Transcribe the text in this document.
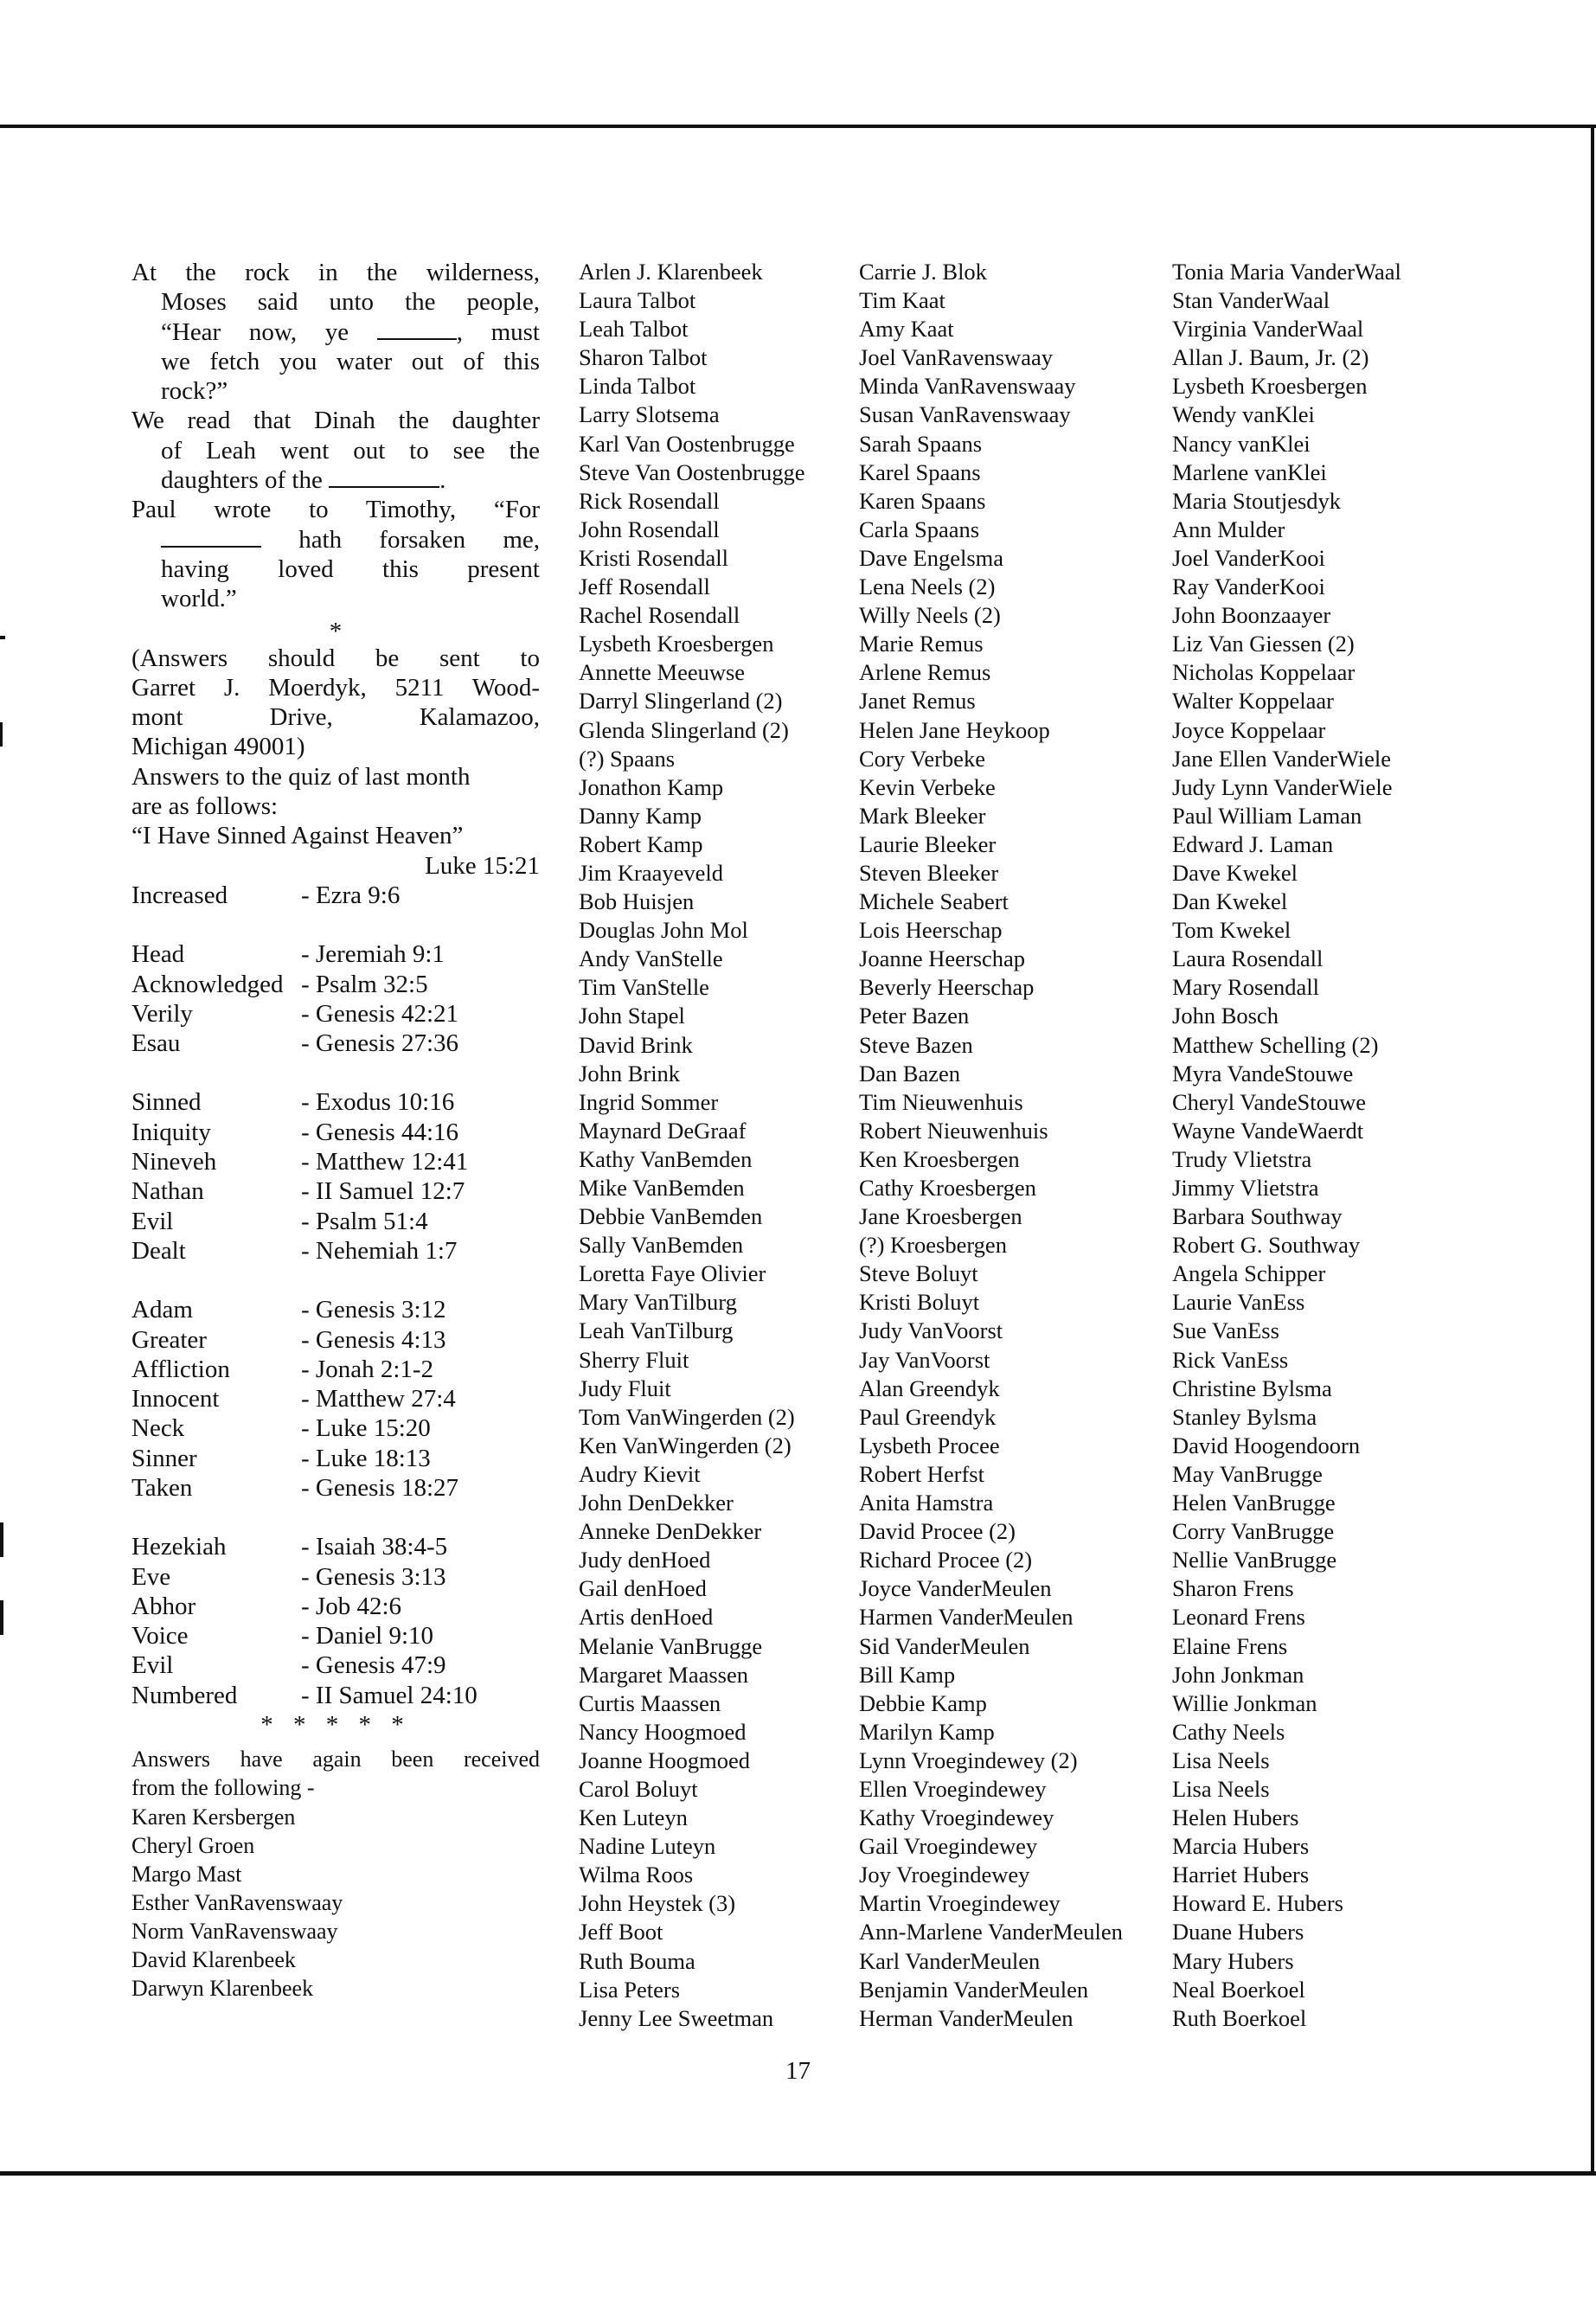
At the rock in the wilderness,
Moses said unto the people,
“Hear now, ye	, must
we fetch you water out of this
rock?”
We read that Dinah the daughter
of Leah went out to see the
daughters of the	.
Paul wrote to Timothy, “For
hath forsaken me,
having loved this present
world.”
*
(Answers should be sent to
Garret J. Moerdyk, 5211 Wood-
mont Drive, Kalamazoo,
Michigan 49001)
Answers to the quiz of last month
are as follows:
“I Have Sinned Against Heaven”
Luke 15:21
Increased	- Ezra 9:6
Head	- Jeremiah 9:1
Acknowledged - Psalm 32:5
Verily	- Genesis 42:21
Esau	- Genesis 27:36
Sinned	- Exodus 10:16
Iniquity	- Genesis 44:16
Nineveh	- Matthew 12:41
Nathan	- II Samuel 12:7
Evil	- Psalm 51:4
Dealt	- Nehemiah 1:7
Adam	- Genesis 3:12
Greater	- Genesis 4:13
Affliction	- Jonah 2:1-2
Innocent	- Matthew 27:4
Neck	- Luke 15:20
Sinner	- Luke 18:13
Taken	- Genesis 18:27
Hezekiah	- Isaiah 38:4-5
Eve	- Genesis 3:13
Abhor	- Job 42:6
Voice	- Daniel 9:10
Evil	- Genesis 47:9
Numbered	- II Samuel 24:10
* * * * *
Answers have again been received
from the following -
Karen Kersbergen
Cheryl Groen
Margo Mast
Esther VanRavenswaay
Norm VanRavenswaay
David Klarenbeek
Darwyn Klarenbeek
Arlen J. Klarenbeek
Laura Talbot
Leah Talbot
Sharon Talbot
Linda Talbot
Larry Slotsema
Karl Van Oostenbrugge
Steve Van Oostenbrugge
Rick Rosendall
John Rosendall
Kristi Rosendall
Jeff Rosendall
Rachel Rosendall
Lysbeth Kroesbergen
Annette Meeuwse
Darryl Slingerland (2)
Glenda Slingerland (2)
(?) Spaans
Jonathon Kamp
Danny Kamp
Robert Kamp
Jim Kraayeveld
Bob Huisjen
Douglas John Mol
Andy VanStelle
Tim VanStelle
John Stapel
David Brink
John Brink
Ingrid Sommer
Maynard DeGraaf
Kathy VanBemden
Mike VanBemden
Debbie VanBemden
Sally VanBemden
Loretta Faye Olivier
Mary VanTilburg
Leah VanTilburg
Sherry Fluit
Judy Fluit
Tom VanWingerden (2)
Ken VanWingerden (2)
Audry Kievit
John DenDekker
Anneke DenDekker
Judy denHoed
Gail denHoed
Artis denHoed
Melanie VanBrugge
Margaret Maassen
Curtis Maassen
Nancy Hoogmoed
Joanne Hoogmoed
Carol Boluyt
Ken Luteyn
Nadine Luteyn
Wilma Roos
John Heystek (3)
Jeff Boot
Ruth Bouma
Lisa Peters
Jenny Lee Sweetman
Carrie J. Blok
Tim Kaat
Amy Kaat
Joel VanRavenswaay
Minda VanRavenswaay
Susan VanRavenswaay
Sarah Spaans
Karel Spaans
Karen Spaans
Carla Spaans
Dave Engelsma
Lena Neels (2)
Willy Neels (2)
Marie Remus
Arlene Remus
Janet Remus
Helen Jane Heykoop
Cory Verbeke
Kevin Verbeke
Mark Bleeker
Laurie Bleeker
Steven Bleeker
Michele Seabert
Lois Heerschap
Joanne Heerschap
Beverly Heerschap
Peter Bazen
Steve Bazen
Dan Bazen
Tim Nieuwenhuis
Robert Nieuwenhuis
Ken Kroesbergen
Cathy Kroesbergen
Jane Kroesbergen
(?) Kroesbergen
Steve Boluyt
Kristi Boluyt
Judy VanVoorst
Jay VanVoorst
Alan Greendyk
Paul Greendyk
Lysbeth Procee
Robert Herfst
Anita Hamstra
David Procee (2)
Richard Procee (2)
Joyce VanderMeulen
Harmen VanderMeulen
Sid VanderMeulen
Bill Kamp
Debbie Kamp
Marilyn Kamp
Lynn Vroegindewey (2)
Ellen Vroegindewey
Kathy Vroegindewey
Gail Vroegindewey
Joy Vroegindewey
Martin Vroegindewey
Ann-Marlene VanderMeulen
Karl VanderMeulen
Benjamin VanderMeulen
Herman VanderMeulen
Tonia Maria VanderWaal
Stan VanderWaal
Virginia VanderWaal
Allan J. Baum, Jr. (2)
Lysbeth Kroesbergen
Wendy vanKlei
Nancy vanKlei
Marlene vanKlei
Maria Stoutjesdyk
Ann Mulder
Joel VanderKooi
Ray VanderKooi
John Boonzaayer
Liz Van Giessen (2)
Nicholas Koppelaar
Walter Koppelaar
Joyce Koppelaar
Jane Ellen VanderWiele
Judy Lynn VanderWiele
Paul William Laman
Edward J. Laman
Dave Kwekel
Dan Kwekel
Tom Kwekel
Laura Rosendall
Mary Rosendall
John Bosch
Matthew Schelling (2)
Myra VandeStouwe
Cheryl VandeStouwe
Wayne VandeWaerdt
Trudy Vlietstra
Jimmy Vlietstra
Barbara Southway
Robert G. Southway
Angela Schipper
Laurie VanEss
Sue VanEss
Rick VanEss
Christine Bylsma
Stanley Bylsma
David Hoogendoorn
May VanBrugge
Helen VanBrugge
Corry VanBrugge
Nellie VanBrugge
Sharon Frens
Leonard Frens
Elaine Frens
John Jonkman
Willie Jonkman
Cathy Neels
Lisa Neels
Lisa Neels
Helen Hubers
Marcia Hubers
Harriet Hubers
Howard E. Hubers
Duane Hubers
Mary Hubers
Neal Boerkoel
Ruth Boerkoel
17
